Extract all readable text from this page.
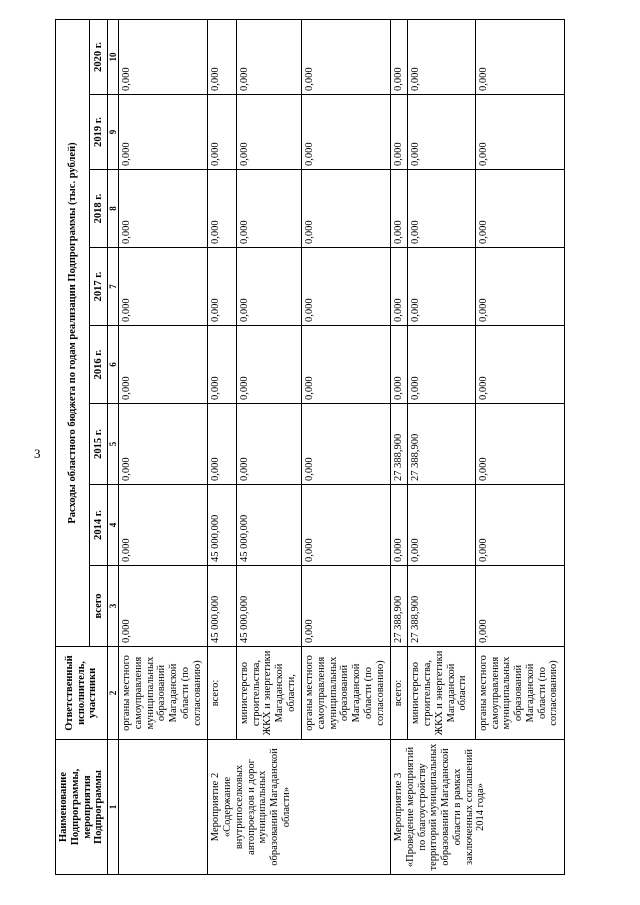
3
Наименование Подпрограммы, мероприятия Подпрограммы	Ответственный исполнитель, участники	Расходы областного бюджета по годам реализации Подпрограммы (тыс. рублей)							
		всего	2014 г.	2015 г.	2016 г.	2017 г.	2018 г.	2019 г.	2020 г.
1	2	3	4	5	6	7	8	9	10
	органы местного самоуправления муниципальных образований Магаданской области (по согласованию)	0,000	0,000	0,000	0,000	0,000	0,000	0,000	0,000
Мероприятие 2 «Содержание внутрипоселковых автопроездов и дорог муниципальных образований Магаданской области»	всего:	45 000,000	45 000,000	0,000	0,000	0,000	0,000	0,000	0,000
	министерство строительства, ЖКХ и энергетики Магаданской области,	45 000,000	45 000,000	0,000	0,000	0,000	0,000	0,000	0,000
	органы местного самоуправления муниципальных образований Магаданской области (по согласованию)	0,000	0,000	0,000	0,000	0,000	0,000	0,000	0,000
Мероприятие 3 «Проведение мероприятий по благоустройству территорий муниципальных образований Магаданской области в рамках заключенных соглашений 2014 года»	всего:	27 388,900	0,000	27 388,900	0,000	0,000	0,000	0,000	0,000
	министерство строительства, ЖКХ и энергетики Магаданской области	27 388,900	0,000	27 388,900	0,000	0,000	0,000	0,000	0,000
	органы местного самоуправления муниципальных образований Магаданской области (по согласованию)	0,000	0,000	0,000	0,000	0,000	0,000	0,000	0,000
